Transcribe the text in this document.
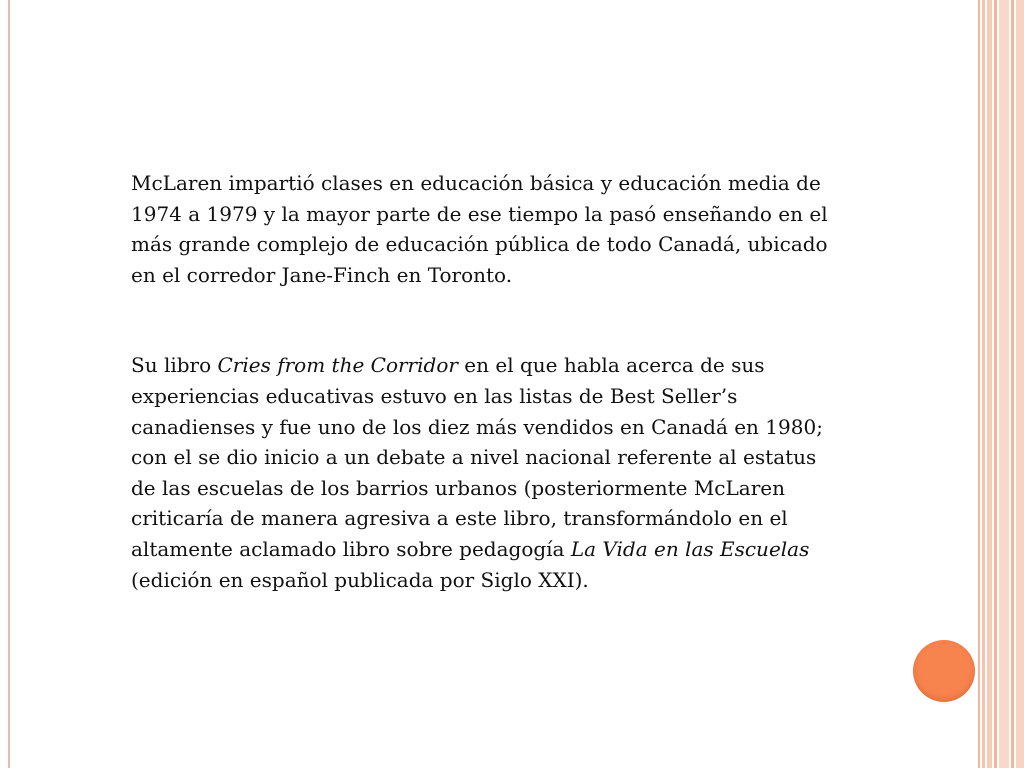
McLaren impartió clases en educación básica y educación media de 1974 a 1979 y la mayor parte de ese tiempo la pasó enseñando en el más grande complejo de educación pública de todo Canadá, ubicado en el corredor Jane-Finch en Toronto.

Su libro Cries from the Corridor en el que habla acerca de sus experiencias educativas estuvo en las listas de Best Seller’s canadienses y fue uno de los diez más vendidos en Canadá en 1980; con el se dio inicio a un debate a nivel nacional referente al estatus de las escuelas de los barrios urbanos (posteriormente McLaren criticaría de manera agresiva a este libro, transformándolo en el altamente aclamado libro sobre pedagogía La Vida en las Escuelas (edición en español publicada por Siglo XXI).
